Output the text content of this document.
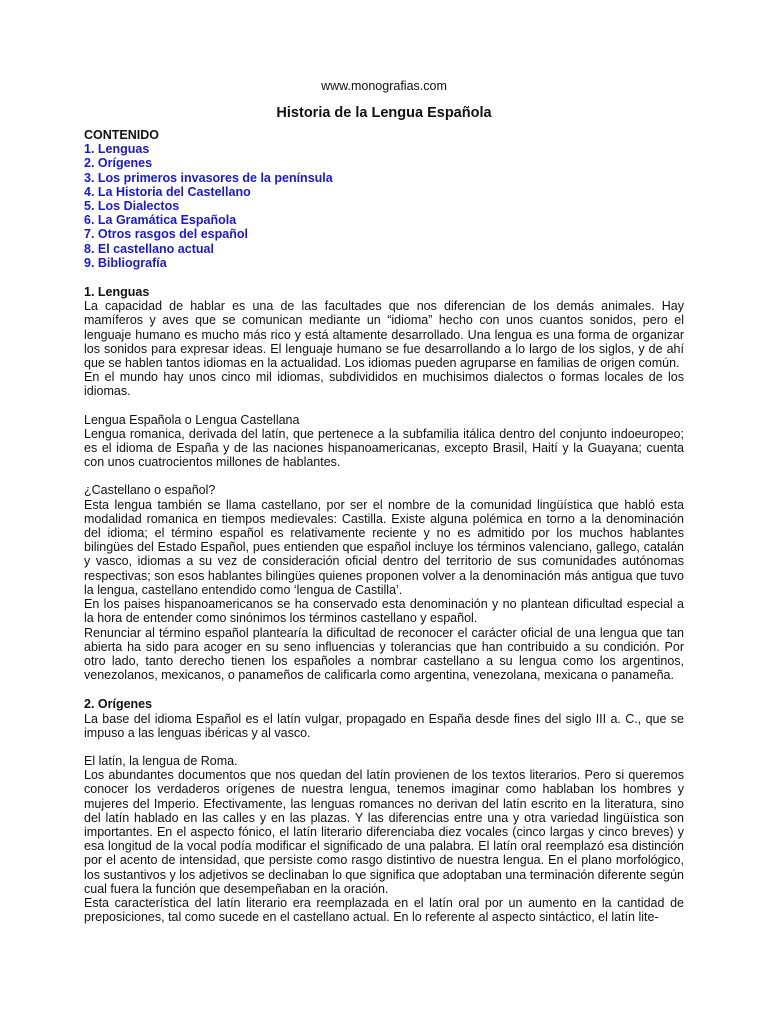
www.monografias.com

Historia de la Lengua Española

CONTENIDO

1. Lenguas
2. Orígenes
3. Los primeros invasores de la península
4. La Historia del Castellano
5. Los Dialectos
6. La Gramática Española
7. Otros rasgos del español
8. El castellano actual
9. Bibliografía

1. Lenguas

La capacidad de hablar es una de las facultades que nos diferencian de los demás animales. Hay mamíferos y aves que se comunican mediante un “idioma” hecho con unos cuantos sonidos, pero el lenguaje humano es mucho más rico y está altamente desarrollado. Una lengua es una forma de organizar los sonidos para expresar ideas. El lenguaje humano se fue desarrollando a lo largo de los siglos, y de ahí que se hablen tantos idiomas en la actualidad. Los idiomas pueden agruparse en familias de origen común.

En el mundo hay unos cinco mil idiomas, subdivididos en muchisimos dialectos o formas locales de los idiomas.

Lengua Española o Lengua Castellana

Lengua romanica, derivada del latín, que pertenece a la subfamilia itálica dentro del conjunto indoeuropeo; es el idioma de España y de las naciones hispanoamericanas, excepto Brasil, Haití y la Guayana; cuenta con unos cuatrocientos millones de hablantes.

¿Castellano o español?

Esta lengua también se llama castellano, por ser el nombre de la comunidad lingüística que habló esta modalidad romanica en tiempos medievales: Castilla. Existe alguna polémica en torno a la denominación del idioma; el término español es relativamente reciente y no es admitido por los muchos hablantes bilingües del Estado Español, pues entienden que español incluye los términos valenciano, gallego, catalán y vasco, idiomas a su vez de consideración oficial dentro del territorio de sus comunidades autónomas respectivas; son esos hablantes bilingües quienes proponen volver a la denominación más antigua que tuvo la lengua, castellano entendido como ‘lengua de Castilla’.

En los paises hispanoamericanos se ha conservado esta denominación y no plantean dificultad especial a la hora de entender como sinónimos los términos castellano y español.

Renunciar al término español plantearía la dificultad de reconocer el carácter oficial de una lengua que tan abierta ha sido para acoger en su seno influencias y tolerancias que han contribuido a su condición. Por otro lado, tanto derecho tienen los españoles a nombrar castellano a su lengua como los argentinos, venezolanos, mexicanos, o panameños de calificarla como argentina, venezolana, mexicana o panameña.

2. Orígenes

La base del idioma Español es el latín vulgar, propagado en España desde fines del siglo III a. C., que se impuso a las lenguas ibéricas y al vasco.

El latín, la lengua de Roma.

Los abundantes documentos que nos quedan del latín provienen de los textos literarios. Pero si queremos conocer los verdaderos orígenes de nuestra lengua, tenemos imaginar como hablaban los hombres y mujeres del Imperio. Efectivamente, las lenguas romances no derivan del latín escrito en la literatura, sino del latín hablado en las calles y en las plazas. Y las diferencias entre una y otra variedad lingüística son importantes. En el aspecto fónico, el latín literario diferenciaba diez vocales (cinco largas y cinco breves) y esa longitud de la vocal podía modificar el significado de una palabra. El latín oral reemplazó esa distinción por el acento de intensidad, que persiste como rasgo distintivo de nuestra lengua. En el plano morfológico, los sustantivos y los adjetivos se declinaban lo que significa que adoptaban una terminación diferente según cual fuera la función que desempeñaban en la oración.

Esta característica del latín literario era reemplazada en el latín oral por un aumento en la cantidad de preposiciones, tal como sucede en el castellano actual. En lo referente al aspecto sintáctico, el latín lite-
